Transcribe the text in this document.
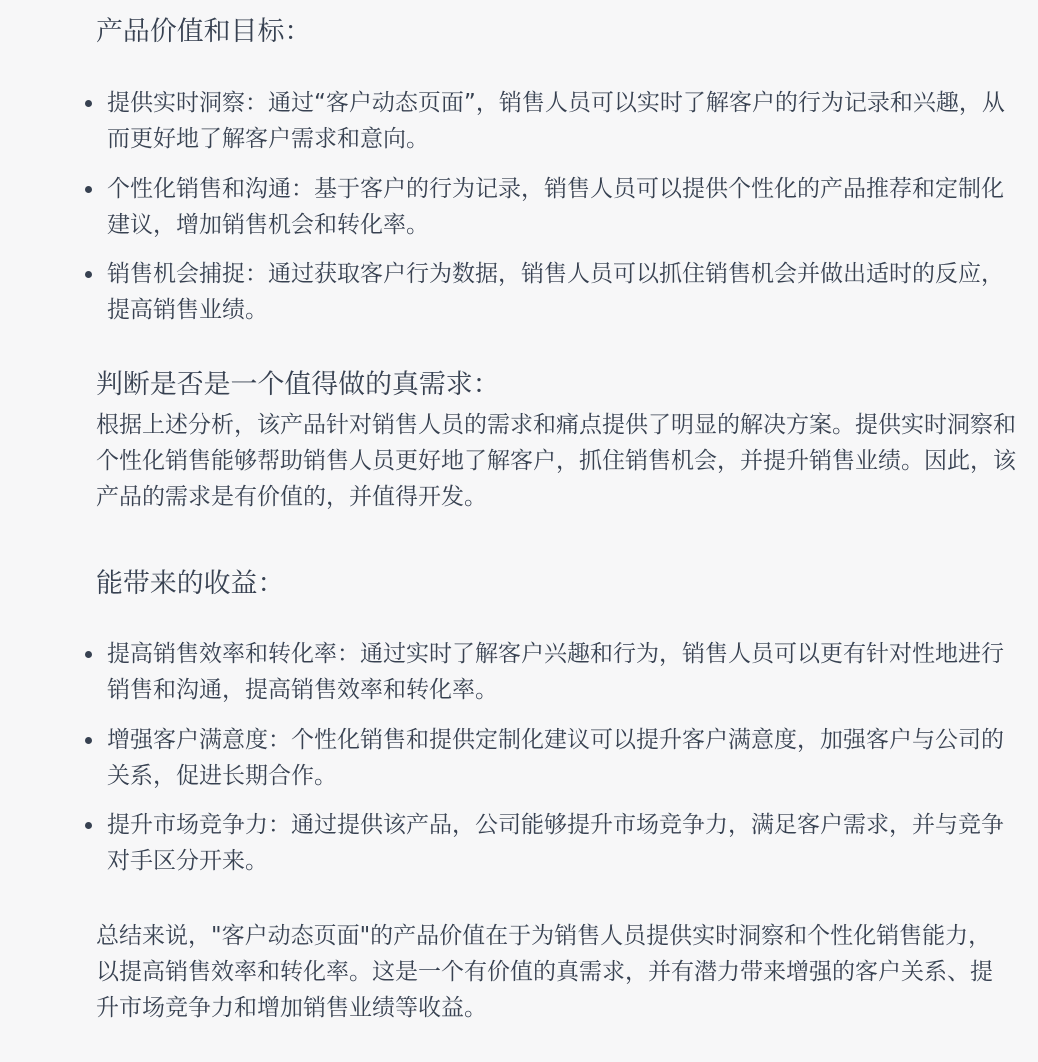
产品价值和目标：
提供实时洞察：通过“客户动态页面”，销售人员可以实时了解客户的行为记录和兴趣，从而更好地了解客户需求和意向。
个性化销售和沟通：基于客户的行为记录，销售人员可以提供个性化的产品推荐和定制化建议，增加销售机会和转化率。
销售机会捕捉：通过获取客户行为数据，销售人员可以抓住销售机会并做出适时的反应，提高销售业绩。
判断是否是一个值得做的真需求：

根据上述分析，该产品针对销售人员的需求和痛点提供了明显的解决方案。提供实时洞察和个性化销售能够帮助销售人员更好地了解客户，抓住销售机会，并提升销售业绩。因此，该产品的需求是有价值的，并值得开发。

能带来的收益：
提高销售效率和转化率：通过实时了解客户兴趣和行为，销售人员可以更有针对性地进行销售和沟通，提高销售效率和转化率。
增强客户满意度：个性化销售和提供定制化建议可以提升客户满意度，加强客户与公司的关系，促进长期合作。
提升市场竞争力：通过提供该产品，公司能够提升市场竞争力，满足客户需求，并与竞争对手区分开来。

总结来说，"客户动态页面"的产品价值在于为销售人员提供实时洞察和个性化销售能力，以提高销售效率和转化率。这是一个有价值的真需求，并有潜力带来增强的客户关系、提升市场竞争力和增加销售业绩等收益。
